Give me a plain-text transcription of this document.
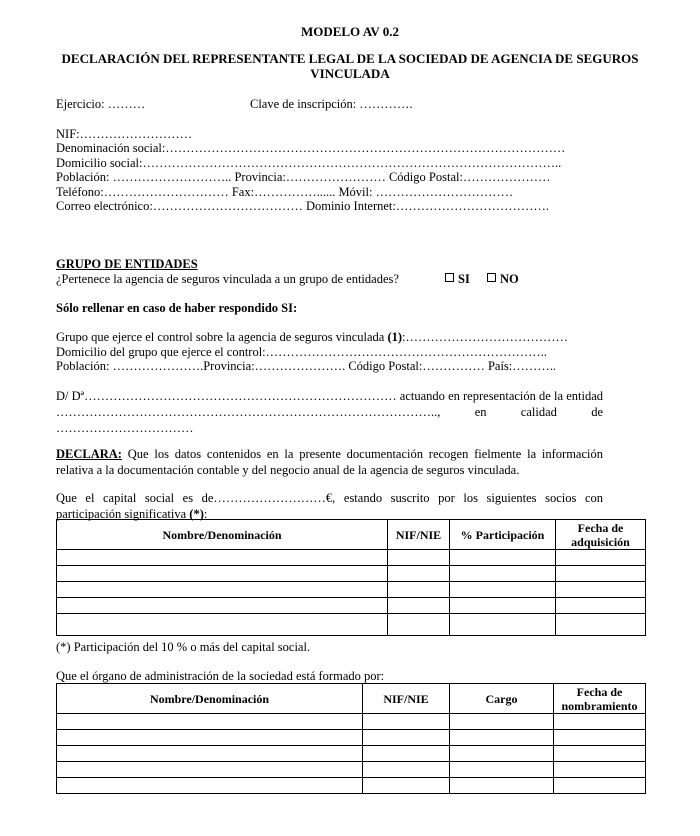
MODELO AV 0.2
DECLARACIÓN DEL REPRESENTANTE LEGAL DE LA SOCIEDAD DE AGENCIA DE SEGUROS VINCULADA
Ejercicio: ………	Clave de inscripción: ………….
NIF:………………………
Denominación social:……………………………………………………………………………………
Domicilio social:………………………………………………………………………………………..
Población: ……………………….. Provincia:…………………… Código Postal:…………………
Teléfono:………………………… Fax:……………...... Móvil: ……………………………
Correo electrónico:……………………………… Dominio Internet:……………………………….
GRUPO DE ENTIDADES
¿Pertenece la agencia de seguros vinculada a un grupo de entidades?	SI	NO
Sólo rellenar en caso de haber respondido SI:
Grupo que ejerce el control sobre la agencia de seguros vinculada (1):…………………………………
Domicilio del grupo que ejerce el control:…………………………………………………………..
Población: ………………….Provincia:…………………. Código Postal:…………… País:………..
D/ Dª………………………………………………………………… actuando en representación de la entidad ……………………………………………………………………………….., en calidad de ……………………………
DECLARA: Que los datos contenidos en la presente documentación recogen fielmente la información relativa a la documentación contable y del negocio anual de la agencia de seguros vinculada.
Que el capital social es de………………………€, estando suscrito por los siguientes socios con participación significativa (*):
Nombre/Denominación	NIF/NIE	% Participación	Fecha de adquisición

(*) Participación del 10 % o más del capital social.
Que el órgano de administración de la sociedad está formado por:
Nombre/Denominación	NIF/NIE	Cargo	Fecha de nombramiento
